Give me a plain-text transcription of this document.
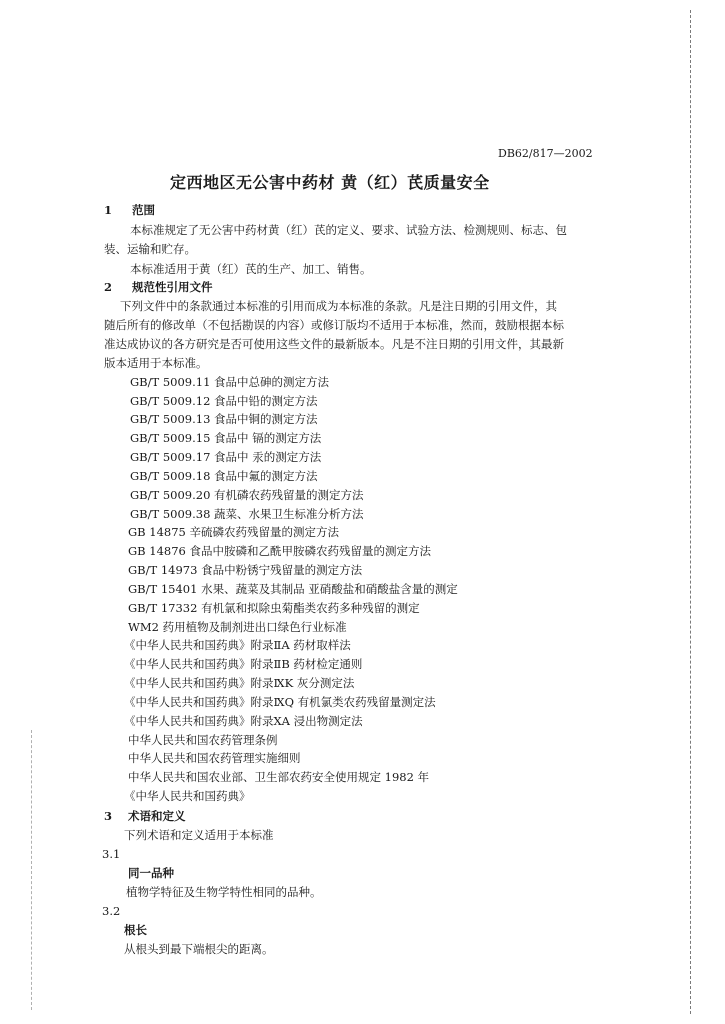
DB62/817—2002
定西地区无公害中药材 黄（红）芪质量安全
1 范围
本标准规定了无公害中药材黄（红）芪的定义、要求、试验方法、检测规则、标志、包
装、运输和贮存。
本标准适用于黄（红）芪的生产、加工、销售。
2 规范性引用文件
下列文件中的条款通过本标准的引用而成为本标准的条款。凡是注日期的引用文件，其
随后所有的修改单（不包括勘误的内容）或修订版均不适用于本标准，然而，鼓励根据本标
准达成协议的各方研究是否可使用这些文件的最新版本。凡是不注日期的引用文件，其最新
版本适用于本标准。
GB/T 5009.11 食品中总砷的测定方法
GB/T 5009.12 食品中铅的测定方法
GB/T 5009.13 食品中铜的测定方法
GB/T 5009.15 食品中 镉的测定方法
GB/T 5009.17 食品中 汞的测定方法
GB/T 5009.18 食品中氟的测定方法
GB/T 5009.20 有机磷农药残留量的测定方法
GB/T 5009.38 蔬菜、水果卫生标准分析方法
GB 14875 辛硫磷农药残留量的测定方法
GB 14876 食品中胺磷和乙酰甲胺磷农药残留量的测定方法
GB/T 14973 食品中粉锈宁残留量的测定方法
GB/T 15401 水果、蔬菜及其制品 亚硝酸盐和硝酸盐含量的测定
GB/T 17332 有机氯和拟除虫菊酯类农药多种残留的测定
WM2 药用植物及制剂进出口绿色行业标准
《中华人民共和国药典》附录ⅡA 药材取样法
《中华人民共和国药典》附录ⅡB 药材检定通则
《中华人民共和国药典》附录ⅨK 灰分测定法
《中华人民共和国药典》附录ⅨQ 有机氯类农药残留量测定法
《中华人民共和国药典》附录ⅩA 浸出物测定法
中华人民共和国农药管理条例
中华人民共和国农药管理实施细则
中华人民共和国农业部、卫生部农药安全使用规定 1982 年
《中华人民共和国药典》
3 术语和定义
下列术语和定义适用于本标准
3.1
同一品种
植物学特征及生物学特性相同的品种。
3.2
根长
从根头到最下端根尖的距离。
